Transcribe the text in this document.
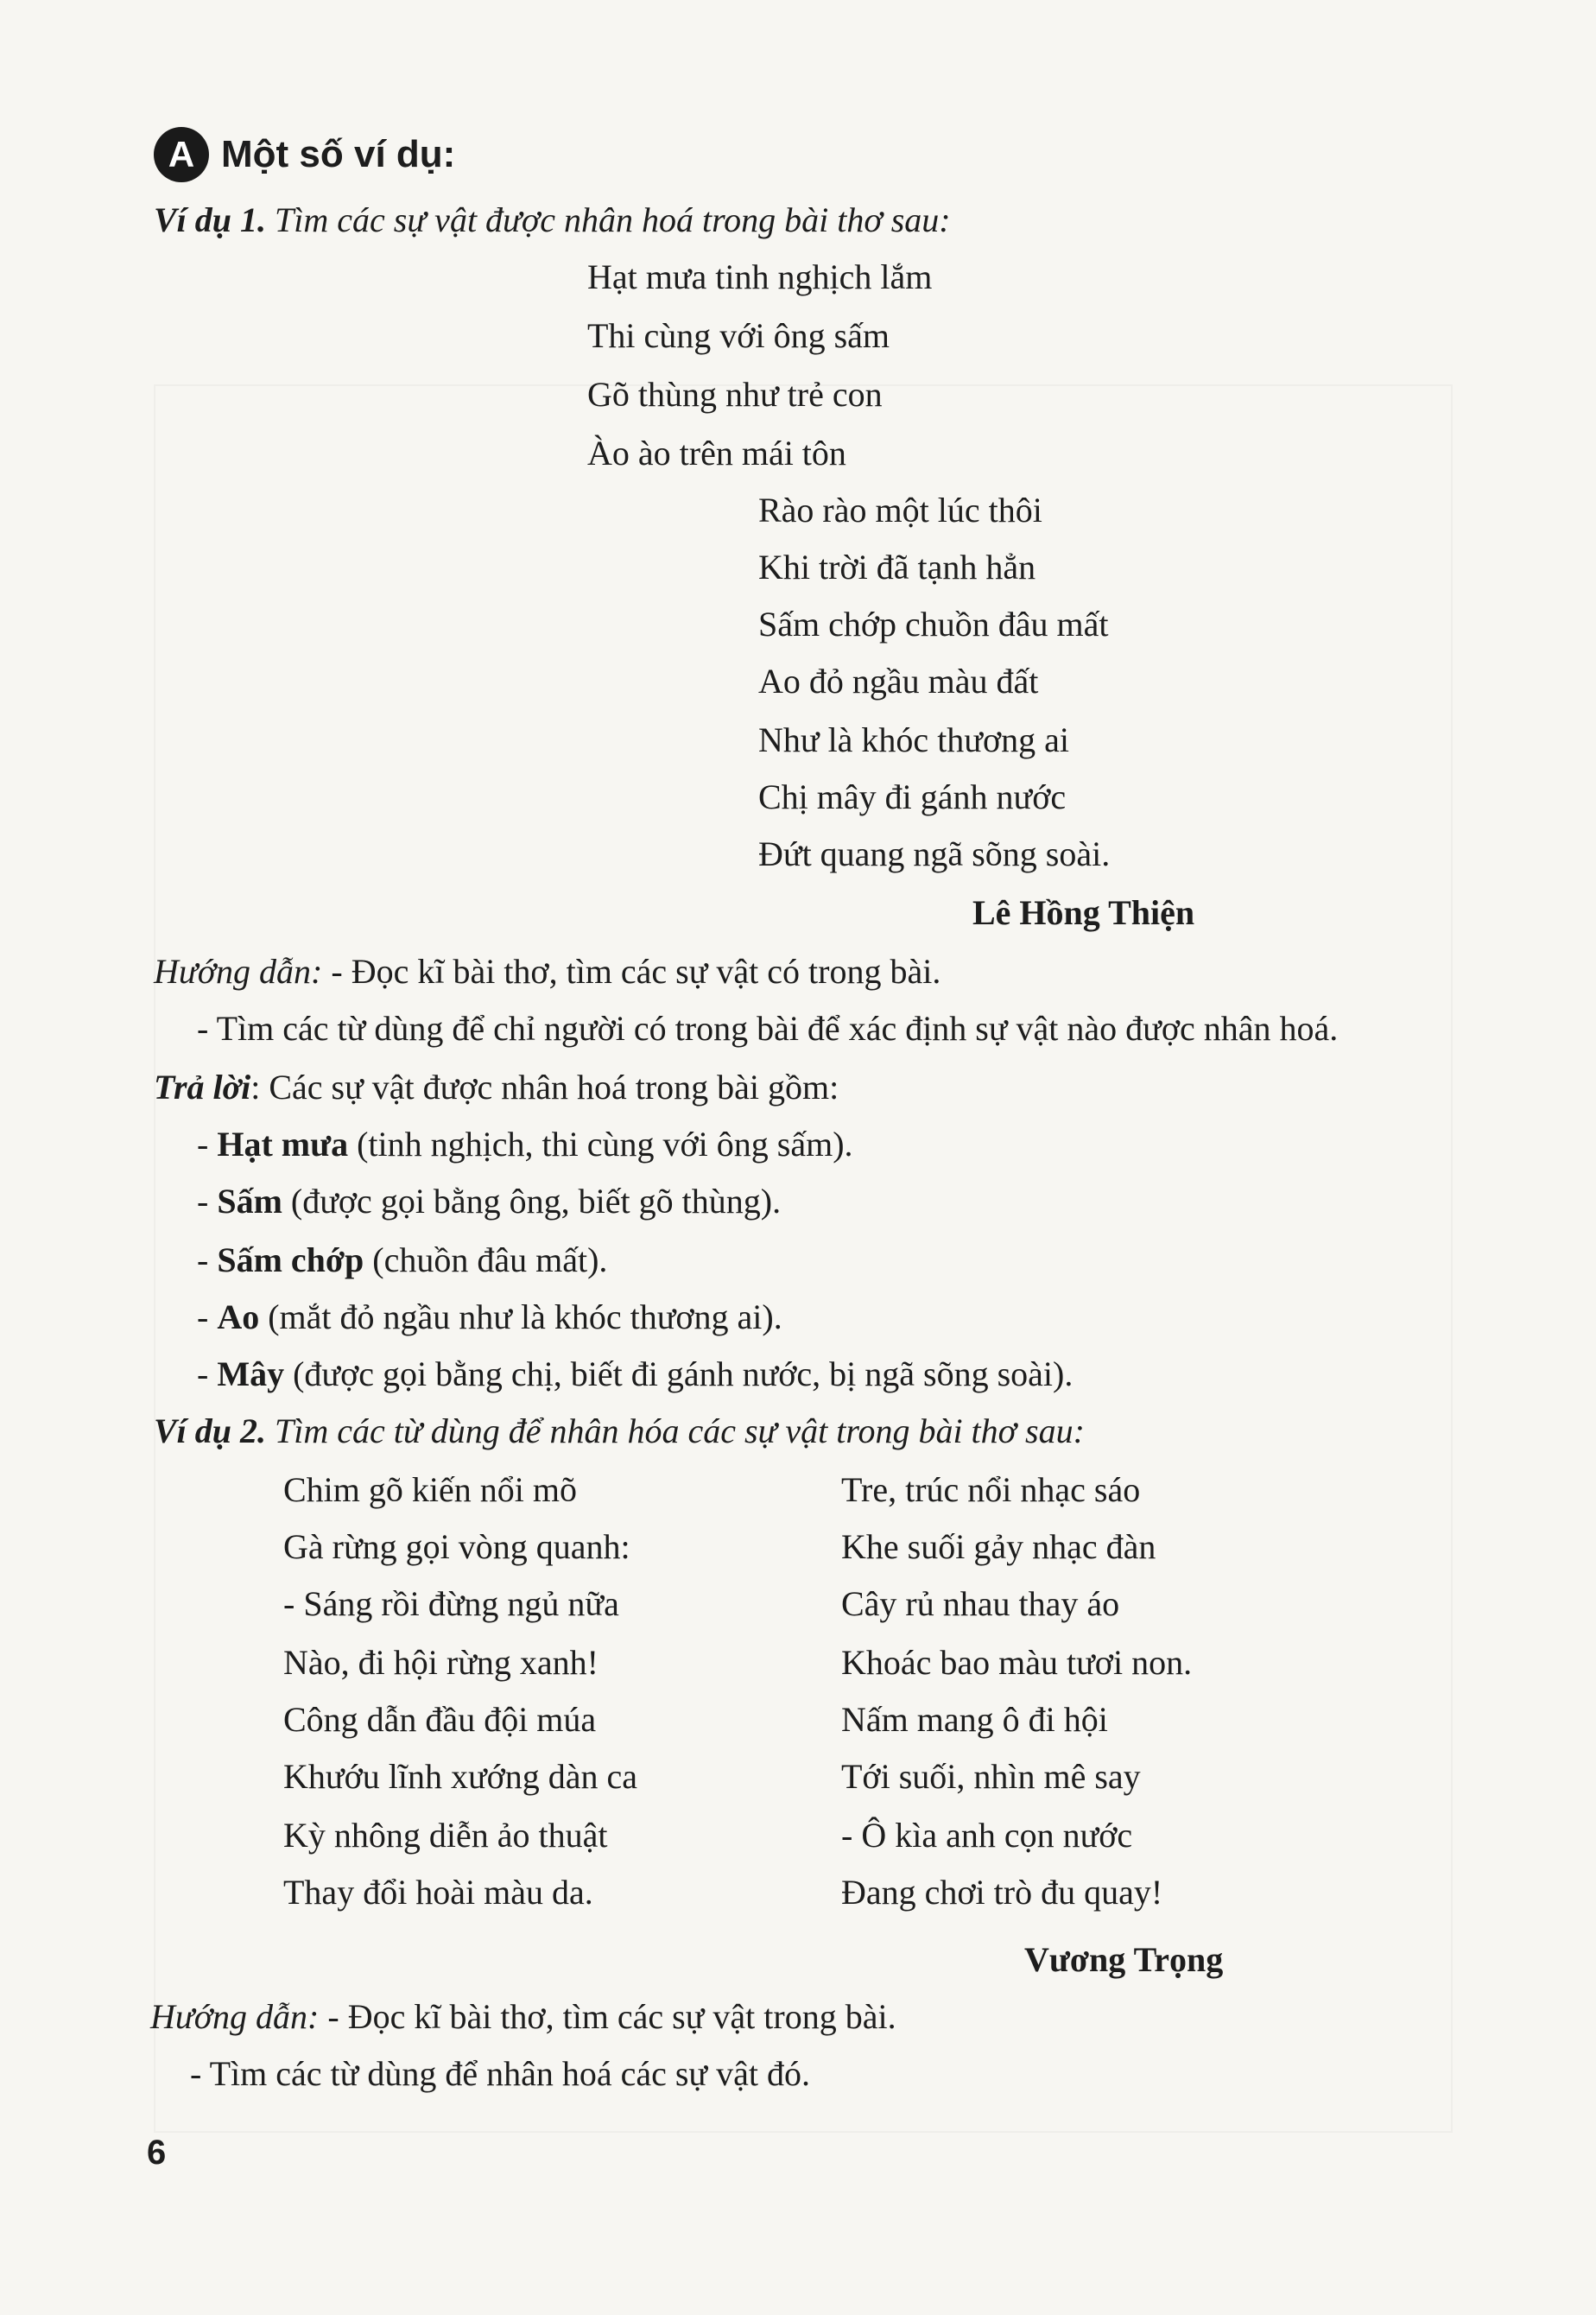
A Một số ví dụ:
Ví dụ 1. Tìm các sự vật được nhân hoá trong bài thơ sau:
Hạt mưa tinh nghịch lắm
Thi cùng với ông sấm
Gõ thùng như trẻ con
Ào ào trên mái tôn
Rào rào một lúc thôi
Khi trời đã tạnh hẳn
Sấm chớp chuồn đâu mất
Ao đỏ ngầu màu đất
Như là khóc thương ai
Chị mây đi gánh nước
Đứt quang ngã sõng soài.
Lê Hồng Thiện
Hướng dẫn: - Đọc kĩ bài thơ, tìm các sự vật có trong bài.
- Tìm các từ dùng để chỉ người có trong bài để xác định sự vật nào được nhân hoá.
Trả lời: Các sự vật được nhân hoá trong bài gồm:
- Hạt mưa (tinh nghịch, thi cùng với ông sấm).
- Sấm (được gọi bằng ông, biết gõ thùng).
- Sấm chớp (chuồn đâu mất).
- Ao (mắt đỏ ngầu như là khóc thương ai).
- Mây (được gọi bằng chị, biết đi gánh nước, bị ngã sõng soài).
Ví dụ 2. Tìm các từ dùng để nhân hóa các sự vật trong bài thơ sau:
Chim gõ kiến nổi mõ
Gà rừng gọi vòng quanh:
- Sáng rồi đừng ngủ nữa
Nào, đi hội rừng xanh!
Công dẫn đầu đội múa
Khướu lĩnh xướng dàn ca
Kỳ nhông diễn ảo thuật
Thay đổi hoài màu da.
Tre, trúc nổi nhạc sáo
Khe suối gảy nhạc đàn
Cây rủ nhau thay áo
Khoác bao màu tươi non.
Nấm mang ô đi hội
Tới suối, nhìn mê say
- Ô kìa anh cọn nước
Đang chơi trò đu quay!
Vương Trọng
Hướng dẫn: - Đọc kĩ bài thơ, tìm các sự vật trong bài.
- Tìm các từ dùng để nhân hoá các sự vật đó.
6
